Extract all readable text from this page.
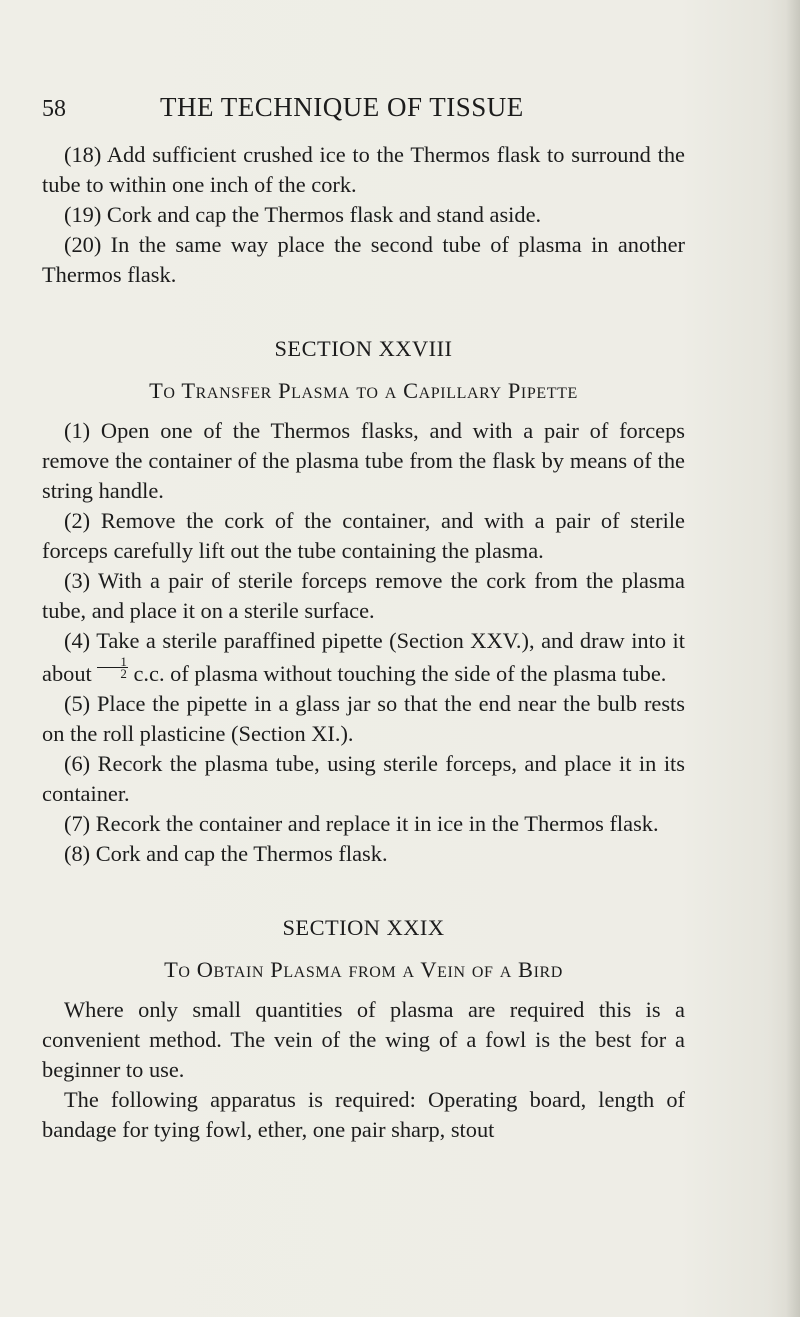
58	THE TECHNIQUE OF TISSUE

(18) Add sufficient crushed ice to the Thermos flask to surround the tube to within one inch of the cork.

(19) Cork and cap the Thermos flask and stand aside.

(20) In the same way place the second tube of plasma in another Thermos flask.

SECTION XXVIII

To Transfer Plasma to a Capillary Pipette

(1) Open one of the Thermos flasks, and with a pair of forceps remove the container of the plasma tube from the flask by means of the string handle.

(2) Remove the cork of the container, and with a pair of sterile forceps carefully lift out the tube containing the plasma.

(3) With a pair of sterile forceps remove the cork from the plasma tube, and place it on a sterile surface.

(4) Take a sterile paraffined pipette (Section XXV.), and draw into it about $\frac{1}{2} c.c$. of plasma without touching the side of the plasma tube.

(5) Place the pipette in a glass jar so that the end near the bulb rests on the roll plasticine (Section XI.).

(6) Recork the plasma tube, using sterile forceps, and place it in its container.

(7) Recork the container and replace it in ice in the Thermos flask.

(8) Cork and cap the Thermos flask.

SECTION XXIX

To Obtain Plasma from a Vein of a Bird

Where only small quantities of plasma are required this is a convenient method. The vein of the wing of a fowl is the best for a beginner to use.

The following apparatus is required: Operating board, length of bandage for tying fowl, ether, one pair sharp, stout
